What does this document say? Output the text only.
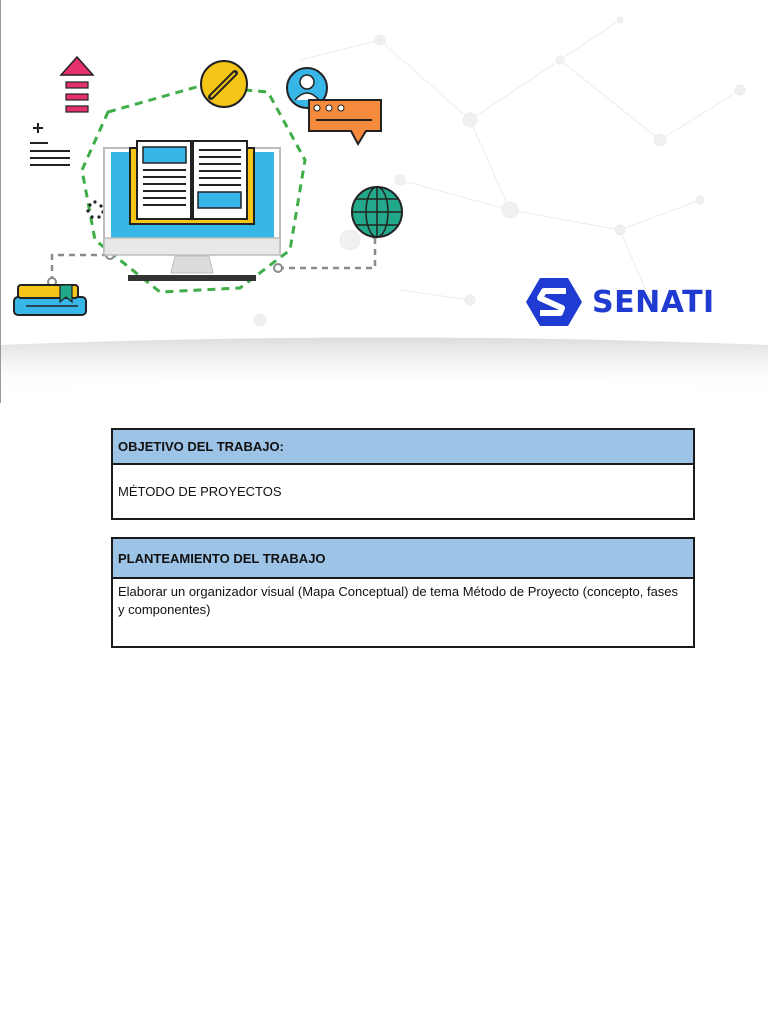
SENATI
OBJETIVO DEL TRABAJO:
MÉTODO DE PROYECTOS
PLANTEAMIENTO DEL TRABAJO
Elaborar un organizador visual (Mapa Conceptual) de tema Método de Proyecto (concepto, fases y componentes)
